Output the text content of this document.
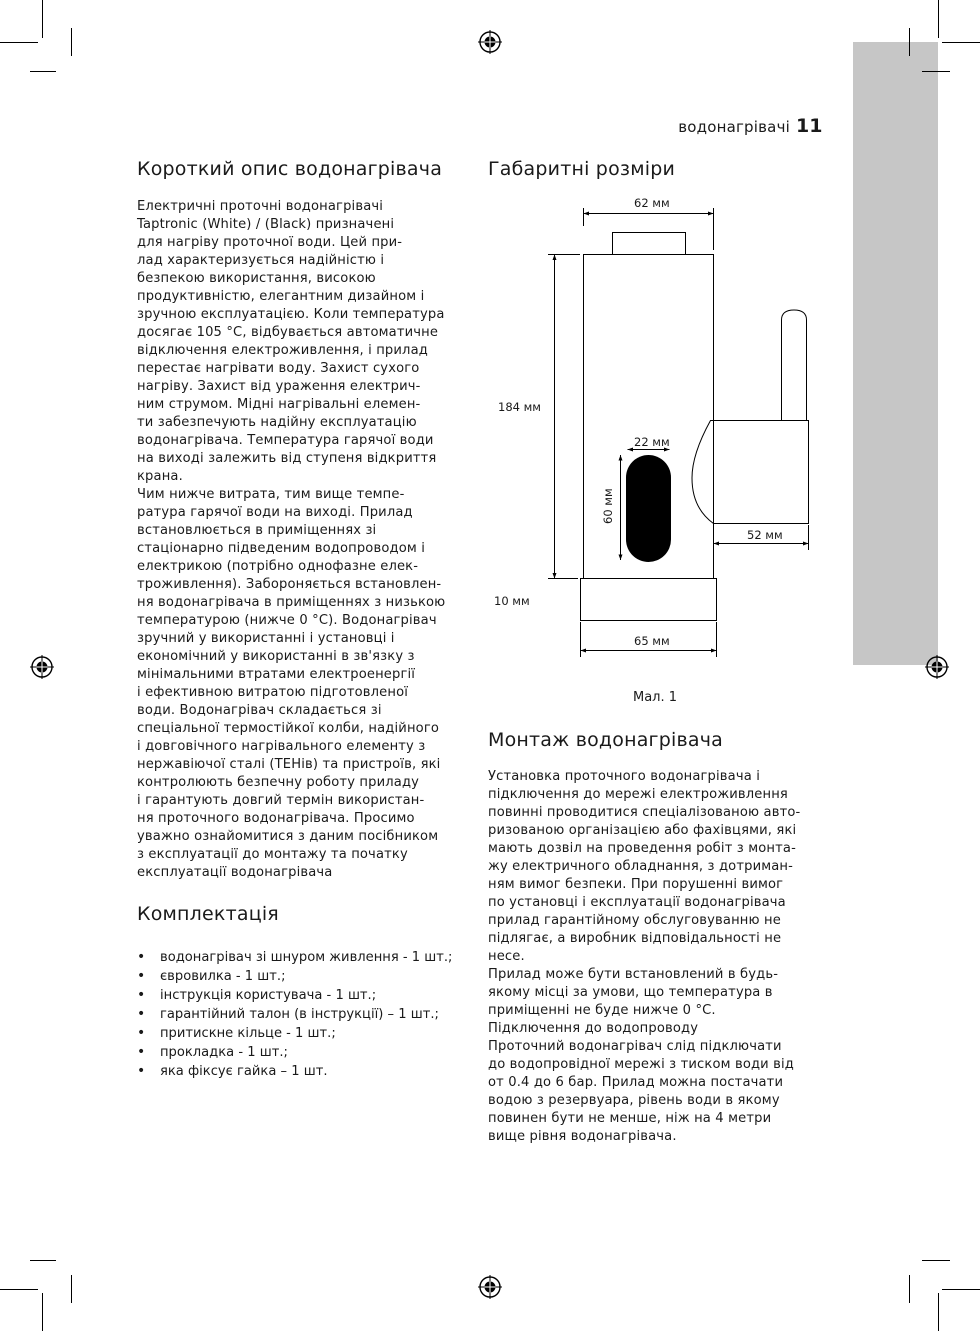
водонагрівачі 11
Короткий опис водонагрівача

Електричні проточні водонагрівачі
Taptronic (White) / (Black) призначені
для нагріву проточної води. Цей при-
лад характеризується надійністю і
безпекою використання, високою
продуктивністю, елегантним дизайном і
зручною експлуатацією. Коли температура
досягає 105 °С, відбувається автоматичне
відключення електроживлення, і прилад
перестає нагрівати воду. Захист сухого
нагріву. Захист від ураження електрич-
ним струмом. Мідні нагрівальні елемен-
ти забезпечують надійну експлуатацію
водонагрівача. Температура гарячої води
на виході залежить від ступеня відкриття
крана.
Чим нижче витрата, тим вище темпе-
ратура гарячої води на виході. Прилад
встановлюється в приміщеннях зі
стаціонарно підведеним водопроводом і
електрикою (потрібно однофазне елек-
троживлення). Забороняється встановлен-
ня водонагрівача в приміщеннях з низькою
температурою (нижче 0 °С). Водонагрівач
зручний у використанні і установці і
економічний у використанні в зв'язку з
мінімальними втратами електроенергії
і ефективною витратою підготовленої
води. Водонагрівач складається зі
спеціальної термостійкої колби, надійного
і довговічного нагрівального елементу з
нержавіючої сталі (ТЕНів) та пристроїв, які
контролюють безпечну роботу приладу
і гарантують довгий термін використан-
ня проточного водонагрівача. Просимо
уважно ознайомитися з даним посібником
з експлуатації до монтажу та початку
експлуатації водонагрівача

Комплектація
• водонагрівач зі шнуром живлення - 1 шт.;
• євровилка - 1 шт.;
• інструкція користувача - 1 шт.;
• гарантійний талон (в інструкції) – 1 шт.;
• притискне кільце - 1 шт.;
• прокладка - 1 шт.;
• яка фіксує гайка – 1 шт.
Габаритні розміри
62 мм
184 мм
22 мм
60 мм
52 мм
10 мм
65 мм
Мал. 1
Монтаж водонагрівача

Установка проточного водонагрівача і
підключення до мережі електроживлення
повинні проводитися спеціалізованою авто-
ризованою організацією або фахівцями, які
мають дозвіл на проведення робіт з монта-
жу електричного обладнання, з дотриман-
ням вимог безпеки. При порушенні вимог
по установці і експлуатації водонагрівача
прилад гарантійному обслуговуванню не
підлягає, а виробник відповідальності не
несе.
Прилад може бути встановлений в будь-
якому місці за умови, що температура в
приміщенні не буде нижче 0 °С.
Підключення до водопроводу
Проточний водонагрівач слід підключати
до водопровідної мережі з тиском води від
от 0.4 до 6 бар. Прилад можна постачати
водою з резервуара, рівень води в якому
повинен бути не менше, ніж на 4 метри
вище рівня водонагрівача.
